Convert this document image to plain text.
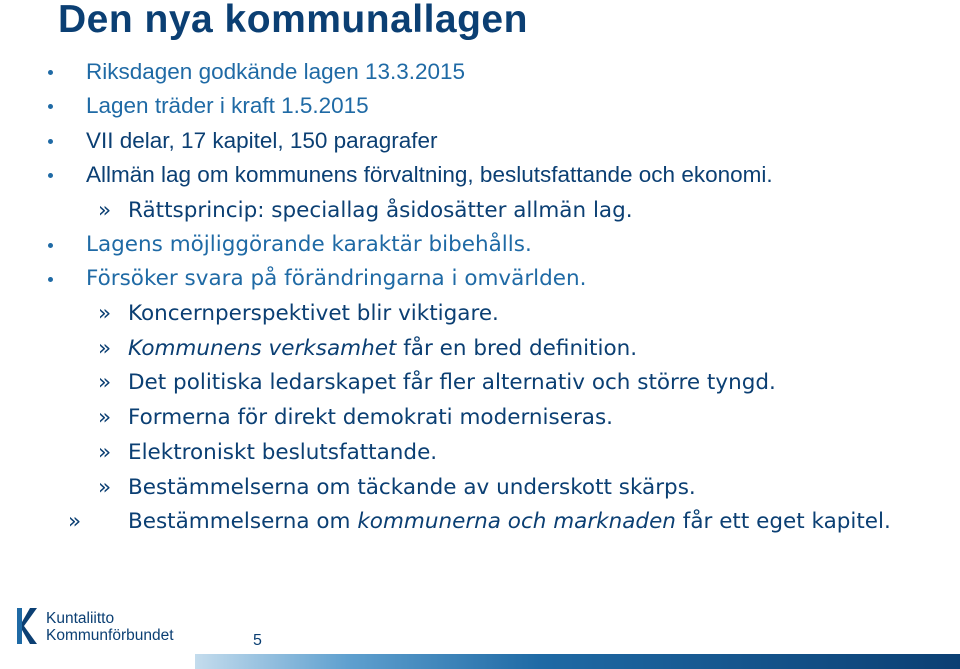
Den nya kommunallagen
Riksdagen godkände lagen 13.3.2015
Lagen träder i kraft 1.5.2015
VII delar, 17 kapitel, 150 paragrafer
Allmän lag om kommunens förvaltning, beslutsfattande och ekonomi.
» Rättsprincip: speciallag åsidosätter allmän lag.
Lagens möjliggörande karaktär bibehålls.
Försöker svara på förändringarna i omvärlden.
» Koncernperspektivet blir viktigare.
» Kommunens verksamhet får en bred definition.
» Det politiska ledarskapet får fler alternativ och större tyngd.
» Formerna för direkt demokrati moderniseras.
» Elektroniskt beslutsfattande.
» Bestämmelserna om täckande av underskott skärps.
» Bestämmelserna om kommunerna och marknaden får ett eget kapitel.
Kuntaliitto
Kommunförbundet	5
